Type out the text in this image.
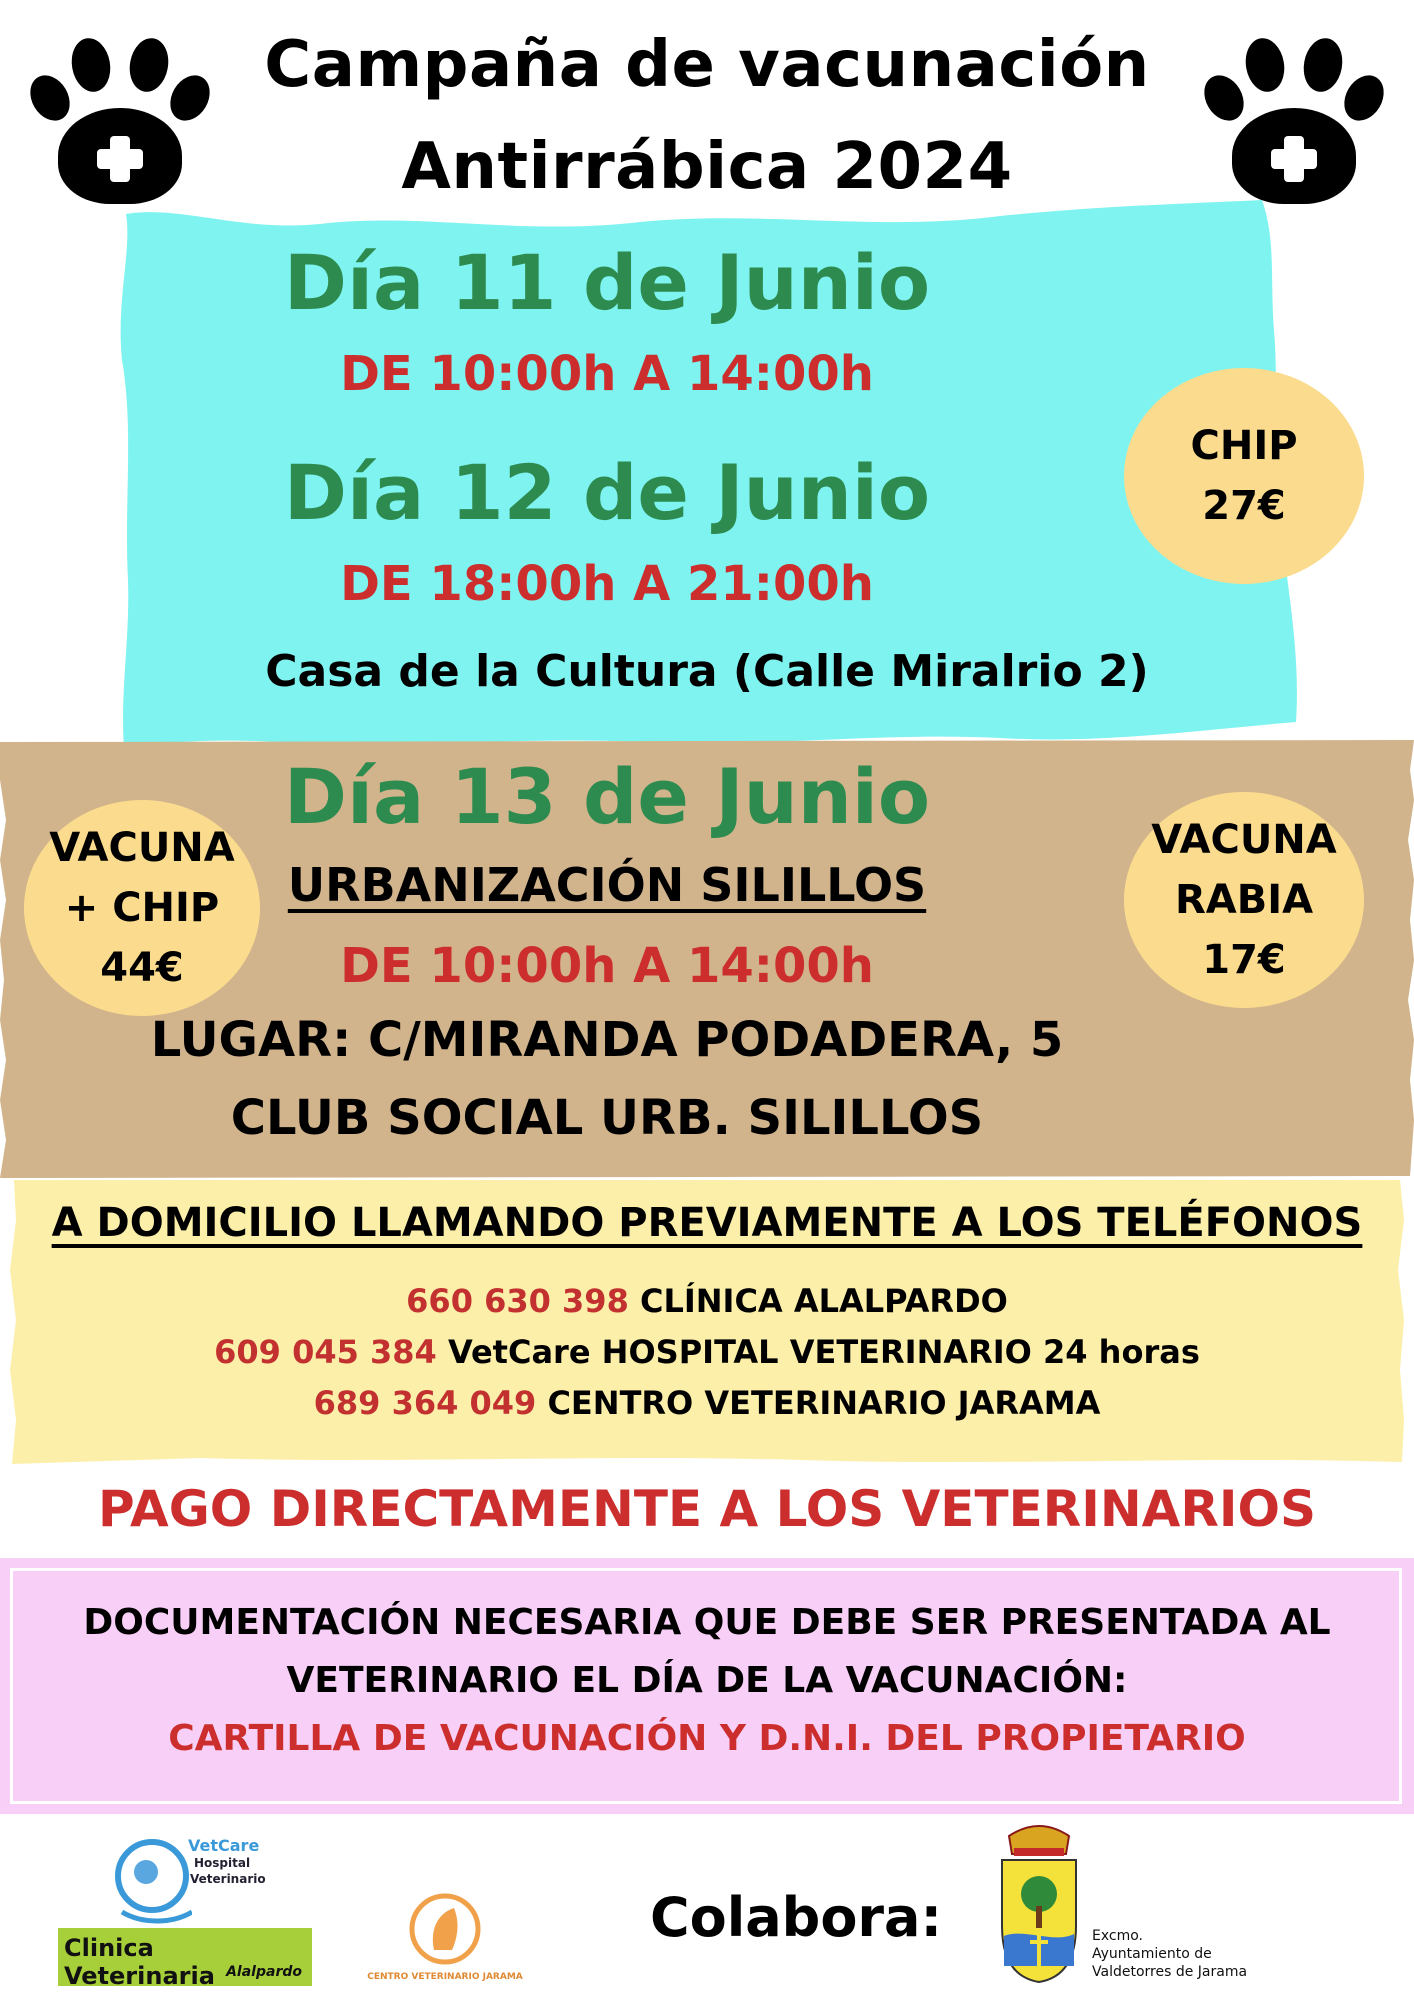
Campaña de vacunación
Antirrábica 2024
Día 11 de Junio
DE 10:00h A 14:00h
Día 12 de Junio
DE 18:00h A 21:00h
Casa de la Cultura (Calle Miralrio 2)
CHIP
27€
Día 13 de Junio
URBANIZACIÓN SILILLOS
DE 10:00h A 14:00h
LUGAR: C/MIRANDA PODADERA, 5
CLUB SOCIAL URB. SILILLOS
VACUNA
+ CHIP
44€
VACUNA
RABIA
17€
A DOMICILIO LLAMANDO PREVIAMENTE A LOS TELÉFONOS
660 630 398 CLÍNICA ALALPARDO
609 045 384 VetCare HOSPITAL VETERINARIO 24 horas
689 364 049 CENTRO VETERINARIO JARAMA
PAGO DIRECTAMENTE A LOS VETERINARIOS
DOCUMENTACIÓN NECESARIA QUE DEBE SER PRESENTADA AL
VETERINARIO EL DÍA DE LA VACUNACIÓN:
CARTILLA DE VACUNACIÓN Y D.N.I. DEL PROPIETARIO
VetCare
Hospital
Veterinario
Clinica Veterinaria Alalpardo	CENTRO VETERINARIO JARAMA
Colabora:	Excmo.
Ayuntamiento de
Valdetorres de Jarama
